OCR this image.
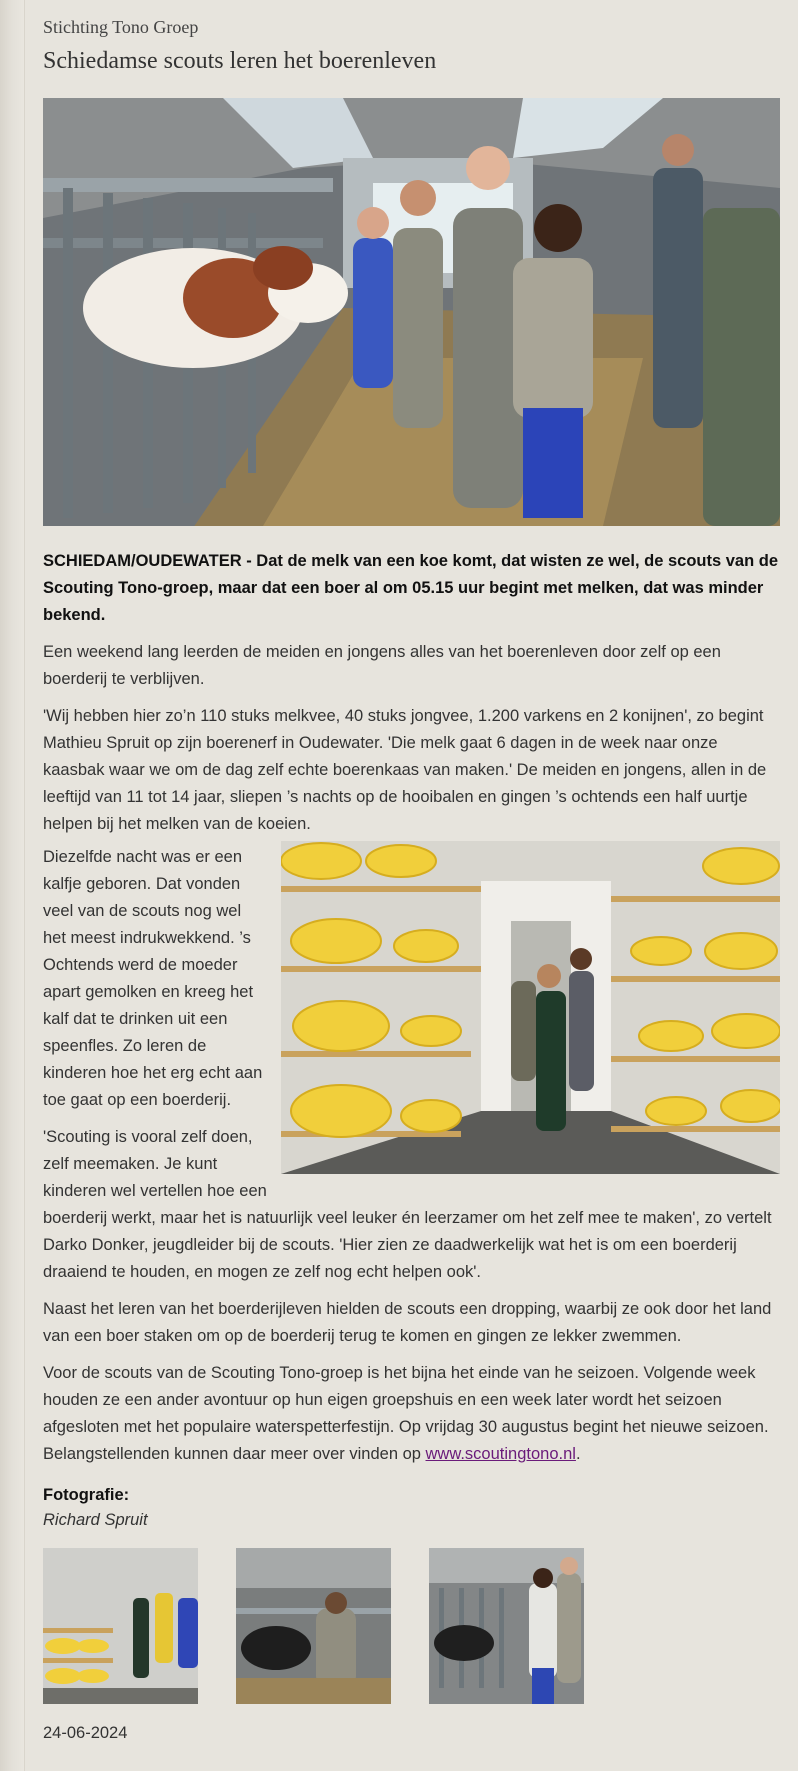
Stichting Tono Groep
Schiedamse scouts leren het boerenleven
SCHIEDAM/OUDEWATER - Dat de melk van een koe komt, dat wisten ze wel, de scouts van de Scouting Tono-groep, maar dat een boer al om 05.15 uur begint met melken, dat was minder bekend.

Een weekend lang leerden de meiden en jongens alles van het boerenleven door zelf op een boerderij te verblijven.

'Wij hebben hier zo’n 110 stuks melkvee, 40 stuks jongvee, 1.200 varkens en 2 konijnen', zo begint Mathieu Spruit op zijn boerenerf in Oudewater. 'Die melk gaat 6 dagen in de week naar onze kaasbak waar we om de dag zelf echte boerenkaas van maken.' De meiden en jongens, allen in de leeftijd van 11 tot 14 jaar, sliepen ’s nachts op de hooibalen en gingen ’s ochtends een half uurtje helpen bij het melken van de koeien.

Diezelfde nacht was er een kalfje geboren. Dat vonden veel van de scouts nog wel het meest indrukwekkend. ’s Ochtends werd de moeder apart gemolken en kreeg het kalf dat te drinken uit een speenfles. Zo leren de kinderen hoe het erg echt aan toe gaat op een boerderij.

'Scouting is vooral zelf doen, zelf meemaken. Je kunt kinderen wel vertellen hoe een boerderij werkt, maar het is natuurlijk veel leuker én leerzamer om het zelf mee te maken', zo vertelt Darko Donker, jeugdleider bij de scouts. 'Hier zien ze daadwerkelijk wat het is om een boerderij draaiend te houden, en mogen ze zelf nog echt helpen ook'.

Naast het leren van het boerderijleven hielden de scouts een dropping, waarbij ze ook door het land van een boer staken om op de boerderij terug te komen en gingen ze lekker zwemmen.

Voor de scouts van de Scouting Tono-groep is het bijna het einde van he seizoen. Volgende week houden ze een ander avontuur op hun eigen groepshuis en een week later wordt het seizoen afgesloten met het populaire waterspetterfestijn. Op vrijdag 30 augustus begint het nieuwe seizoen. Belangstellenden kunnen daar meer over vinden op www.scoutingtono.nl.

Fotografie:
Richard Spruit
24-06-2024
